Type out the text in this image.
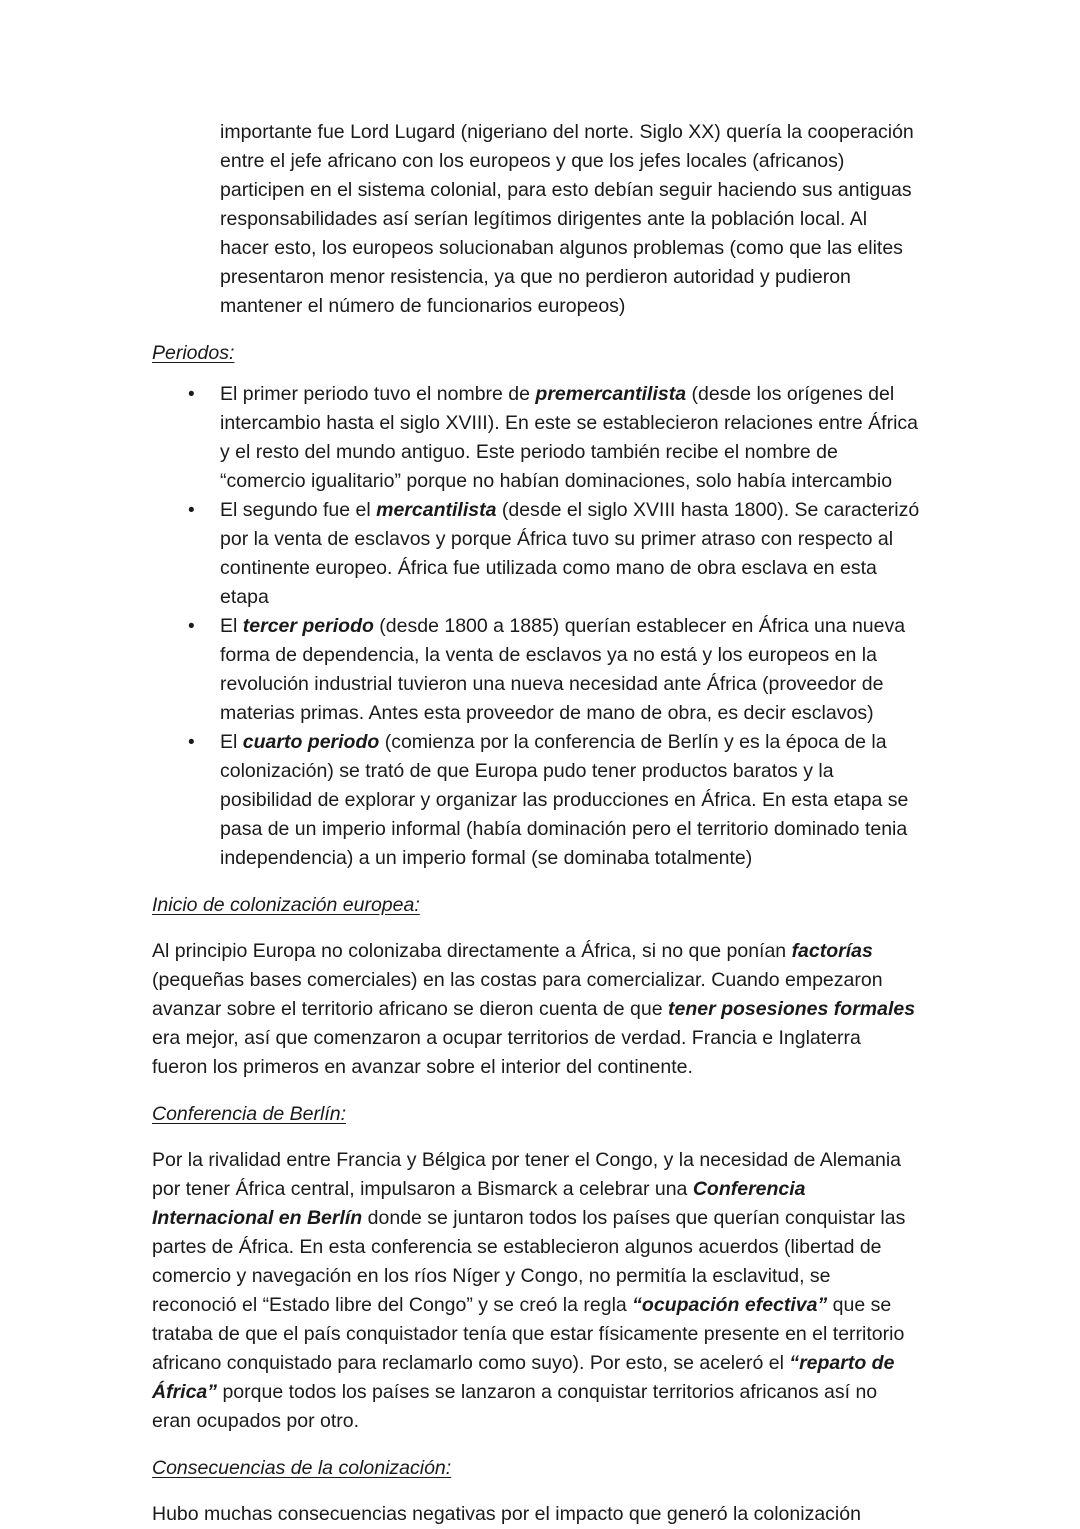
importante fue Lord Lugard (nigeriano del norte. Siglo XX) quería la cooperación entre el jefe africano con los europeos y que los jefes locales (africanos) participen en el sistema colonial, para esto debían seguir haciendo sus antiguas responsabilidades así serían legítimos dirigentes ante la población local. Al hacer esto, los europeos solucionaban algunos problemas (como que las elites presentaron menor resistencia, ya que no perdieron autoridad y pudieron mantener el número de funcionarios europeos)

Periodos:
• El primer periodo tuvo el nombre de premercantilista (desde los orígenes del intercambio hasta el siglo XVIII). En este se establecieron relaciones entre África y el resto del mundo antiguo. Este periodo también recibe el nombre de “comercio igualitario” porque no habían dominaciones, solo había intercambio
• El segundo fue el mercantilista (desde el siglo XVIII hasta 1800). Se caracterizó por la venta de esclavos y porque África tuvo su primer atraso con respecto al continente europeo. África fue utilizada como mano de obra esclava en esta etapa
• El tercer periodo (desde 1800 a 1885) querían establecer en África una nueva forma de dependencia, la venta de esclavos ya no está y los europeos en la revolución industrial tuvieron una nueva necesidad ante África (proveedor de materias primas. Antes esta proveedor de mano de obra, es decir esclavos)
• El cuarto periodo (comienza por la conferencia de Berlín y es la época de la colonización) se trató de que Europa pudo tener productos baratos y la posibilidad de explorar y organizar las producciones en África. En esta etapa se pasa de un imperio informal (había dominación pero el territorio dominado tenia independencia) a un imperio formal (se dominaba totalmente)
Inicio de colonización europea:

Al principio Europa no colonizaba directamente a África, si no que ponían factorías (pequeñas bases comerciales) en las costas para comercializar. Cuando empezaron avanzar sobre el territorio africano se dieron cuenta de que tener posesiones formales era mejor, así que comenzaron a ocupar territorios de verdad. Francia e Inglaterra fueron los primeros en avanzar sobre el interior del continente.

Conferencia de Berlín:

Por la rivalidad entre Francia y Bélgica por tener el Congo, y la necesidad de Alemania por tener África central, impulsaron a Bismarck a celebrar una Conferencia Internacional en Berlín donde se juntaron todos los países que querían conquistar las partes de África. En esta conferencia se establecieron algunos acuerdos (libertad de comercio y navegación en los ríos Níger y Congo, no permitía la esclavitud, se reconoció el “Estado libre del Congo” y se creó la regla “ocupación efectiva” que se trataba de que el país conquistador tenía que estar físicamente presente en el territorio africano conquistado para reclamarlo como suyo). Por esto, se aceleró el “reparto de África” porque todos los países se lanzaron a conquistar territorios africanos así no eran ocupados por otro.

Consecuencias de la colonización:

Hubo muchas consecuencias negativas por el impacto que generó la colonización
